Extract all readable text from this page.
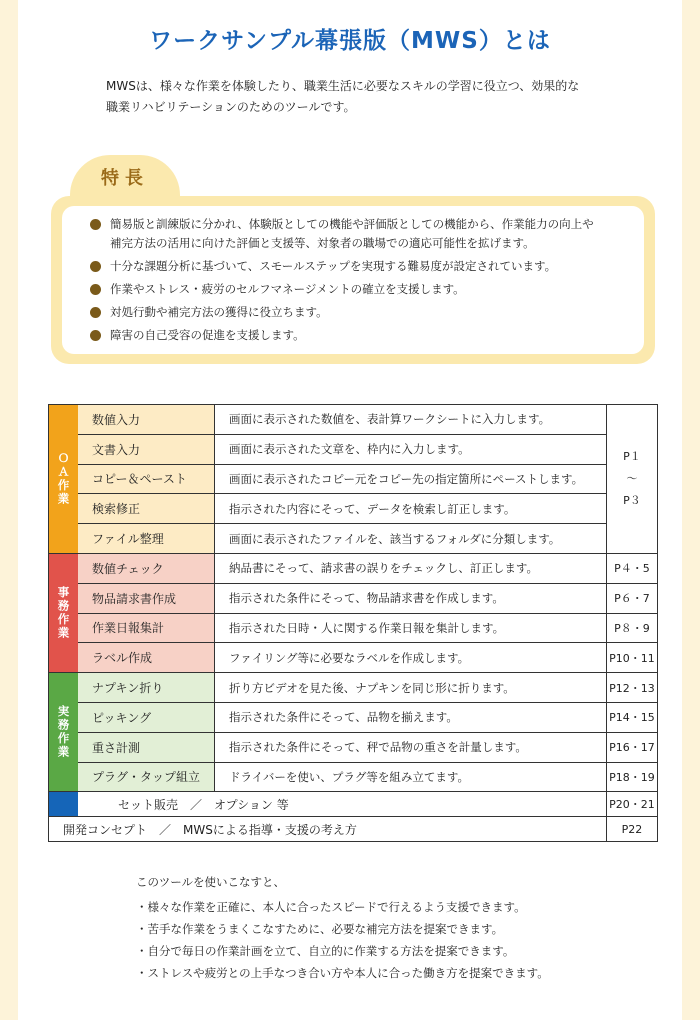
ワークサンプル幕張版（MWS）とは
MWSは、様々な作業を体験したり、職業生活に必要なスキルの学習に役立つ、効果的な
職業リハビリテーションのためのツールです。
特長
簡易版と訓練版に分かれ、体験版としての機能や評価版としての機能から、作業能力の向上や
補完方法の活用に向けた評価と支援等、対象者の職場での適応可能性を拡げます。
十分な課題分析に基づいて、スモールステップを実現する難易度が設定されています。
作業やストレス・疲労のセルフマネージメントの確立を支援します。
対処行動や補完方法の獲得に役立ちます。
障害の自己受容の促進を支援します。
ＯＡ作業
数値入力	画面に表示された数値を、表計算ワークシートに入力します。
文書入力	画面に表示された文章を、枠内に入力します。
コピー＆ペースト	画面に表示されたコピー元をコピー先の指定箇所にペーストします。
検索修正	指示された内容にそって、データを検索し訂正します。
ファイル整理	画面に表示されたファイルを、該当するフォルダに分類します。
P１
～
P３
事務作業
数値チェック	納品書にそって、請求書の誤りをチェックし、訂正します。	P４・5
物品請求書作成	指示された条件にそって、物品請求書を作成します。	P６・7
作業日報集計	指示された日時・人に関する作業日報を集計します。	P８・9
ラベル作成	ファイリング等に必要なラベルを作成します。	P10・11
実務作業
ナプキン折り	折り方ビデオを見た後、ナプキンを同じ形に折ります。	P12・13
ピッキング	指示された条件にそって、品物を揃えます。	P14・15
重さ計測	指示された条件にそって、秤で品物の重さを計量します。	P16・17
プラグ・タップ組立	ドライバーを使い、プラグ等を組み立てます。	P18・19
セット販売　／　オプション 等	P20・21
開発コンセプト　／　MWSによる指導・支援の考え方	P22

このツールを使いこなすと、

・様々な作業を正確に、本人に合ったスピードで行えるよう支援できます。

・苦手な作業をうまくこなすために、必要な補完方法を提案できます。

・自分で毎日の作業計画を立て、自立的に作業する方法を提案できます。

・ストレスや疲労との上手なつき合い方や本人に合った働き方を提案できます。
